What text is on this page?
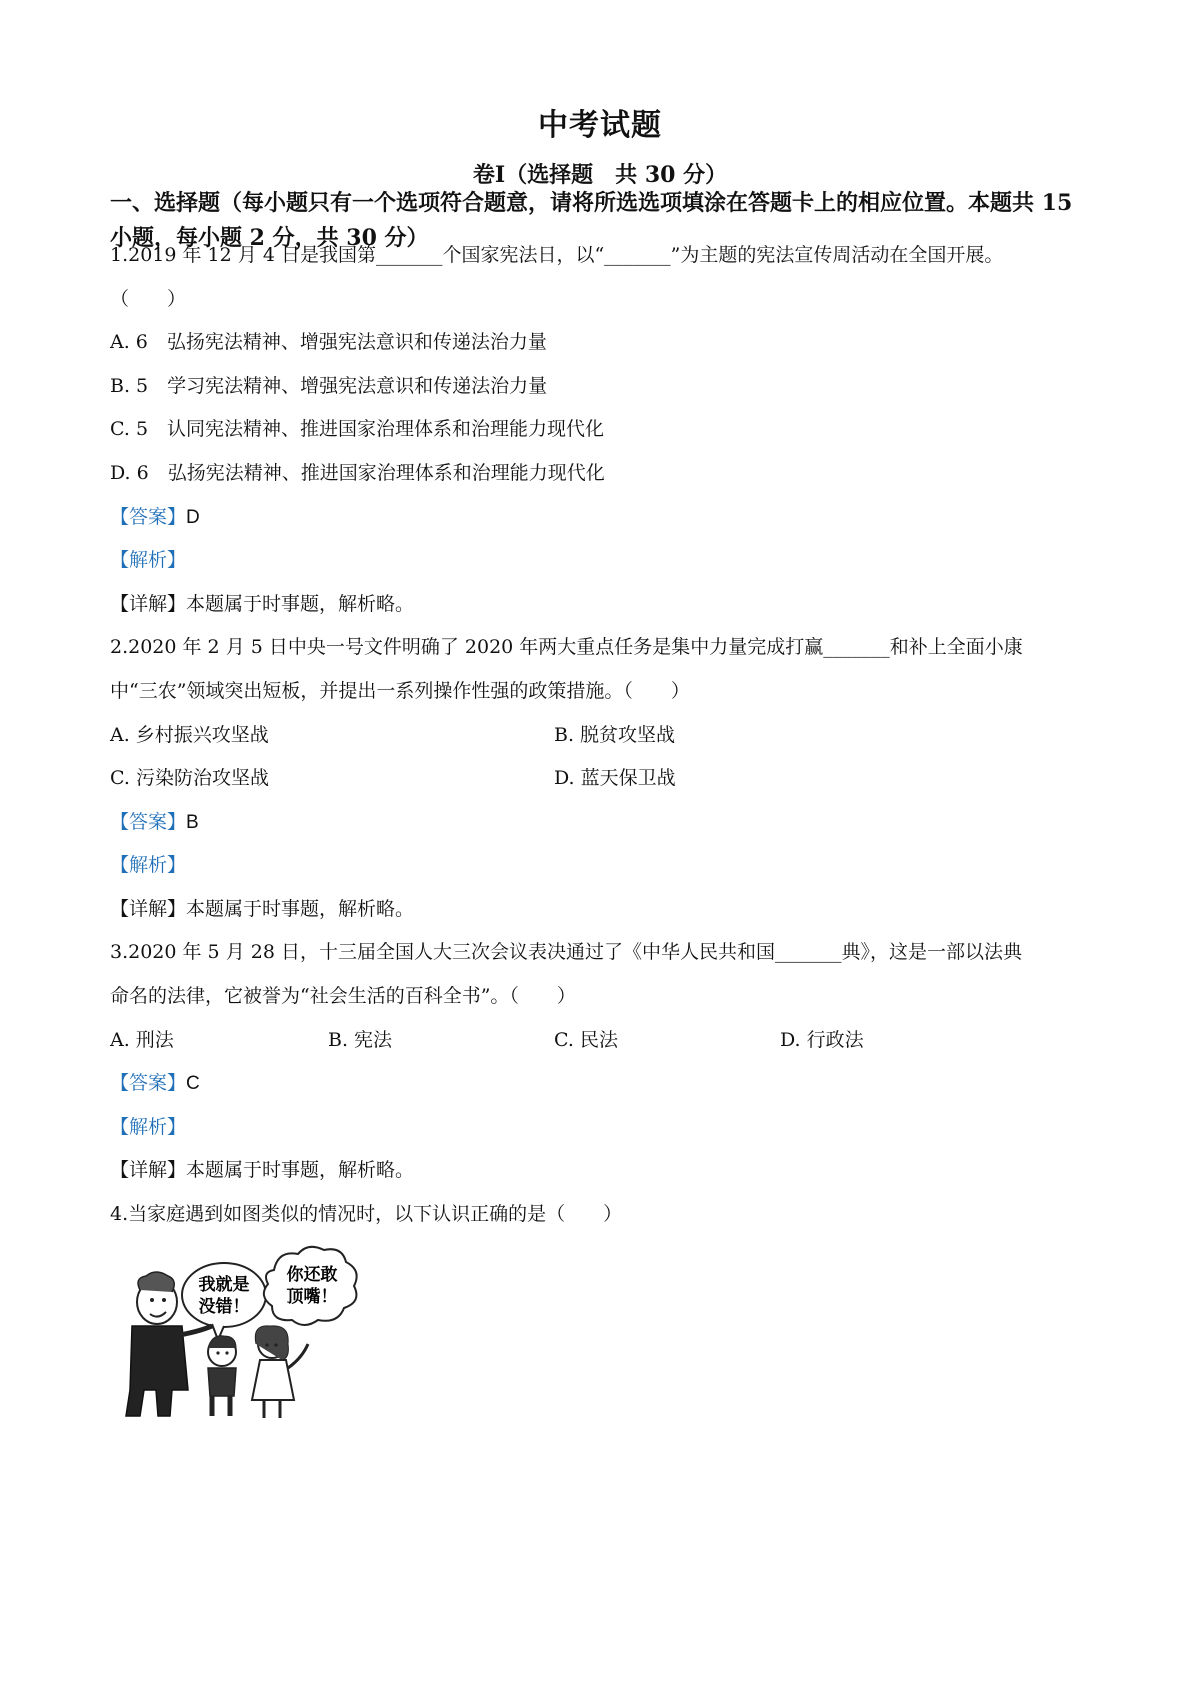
中考试题
卷Ⅰ（选择题　共 30 分）
一、选择题（每小题只有一个选项符合题意，请将所选选项填涂在答题卡上的相应位置。本题共 15 小题，每小题 2 分，共 30 分）
1.2019 年 12 月 4 日是我国第_______个国家宪法日，以“_______”为主题的宪法宣传周活动在全国开展。
（　　）
A. 6　弘扬宪法精神、增强宪法意识和传递法治力量
B. 5　学习宪法精神、增强宪法意识和传递法治力量
C. 5　认同宪法精神、推进国家治理体系和治理能力现代化
D. 6　弘扬宪法精神、推进国家治理体系和治理能力现代化
【答案】D
【解析】
【详解】本题属于时事题，解析略。
2.2020 年 2 月 5 日中央一号文件明确了 2020 年两大重点任务是集中力量完成打赢_______和补上全面小康
中“三农”领域突出短板，并提出一系列操作性强的政策措施。（　　）
A. 乡村振兴攻坚战	B. 脱贫攻坚战
C. 污染防治攻坚战	D. 蓝天保卫战
【答案】B
【解析】
【详解】本题属于时事题，解析略。
3.2020 年 5 月 28 日，十三届全国人大三次会议表决通过了《中华人民共和国_______典》，这是一部以法典
命名的法律，它被誉为“社会生活的百科全书”。（　　）
A. 刑法	B. 宪法	C. 民法	D. 行政法
【答案】C
【解析】
【详解】本题属于时事题，解析略。
4.当家庭遇到如图类似的情况时，以下认识正确的是（　　）
我就是
没错！
你还敢
顶嘴！
